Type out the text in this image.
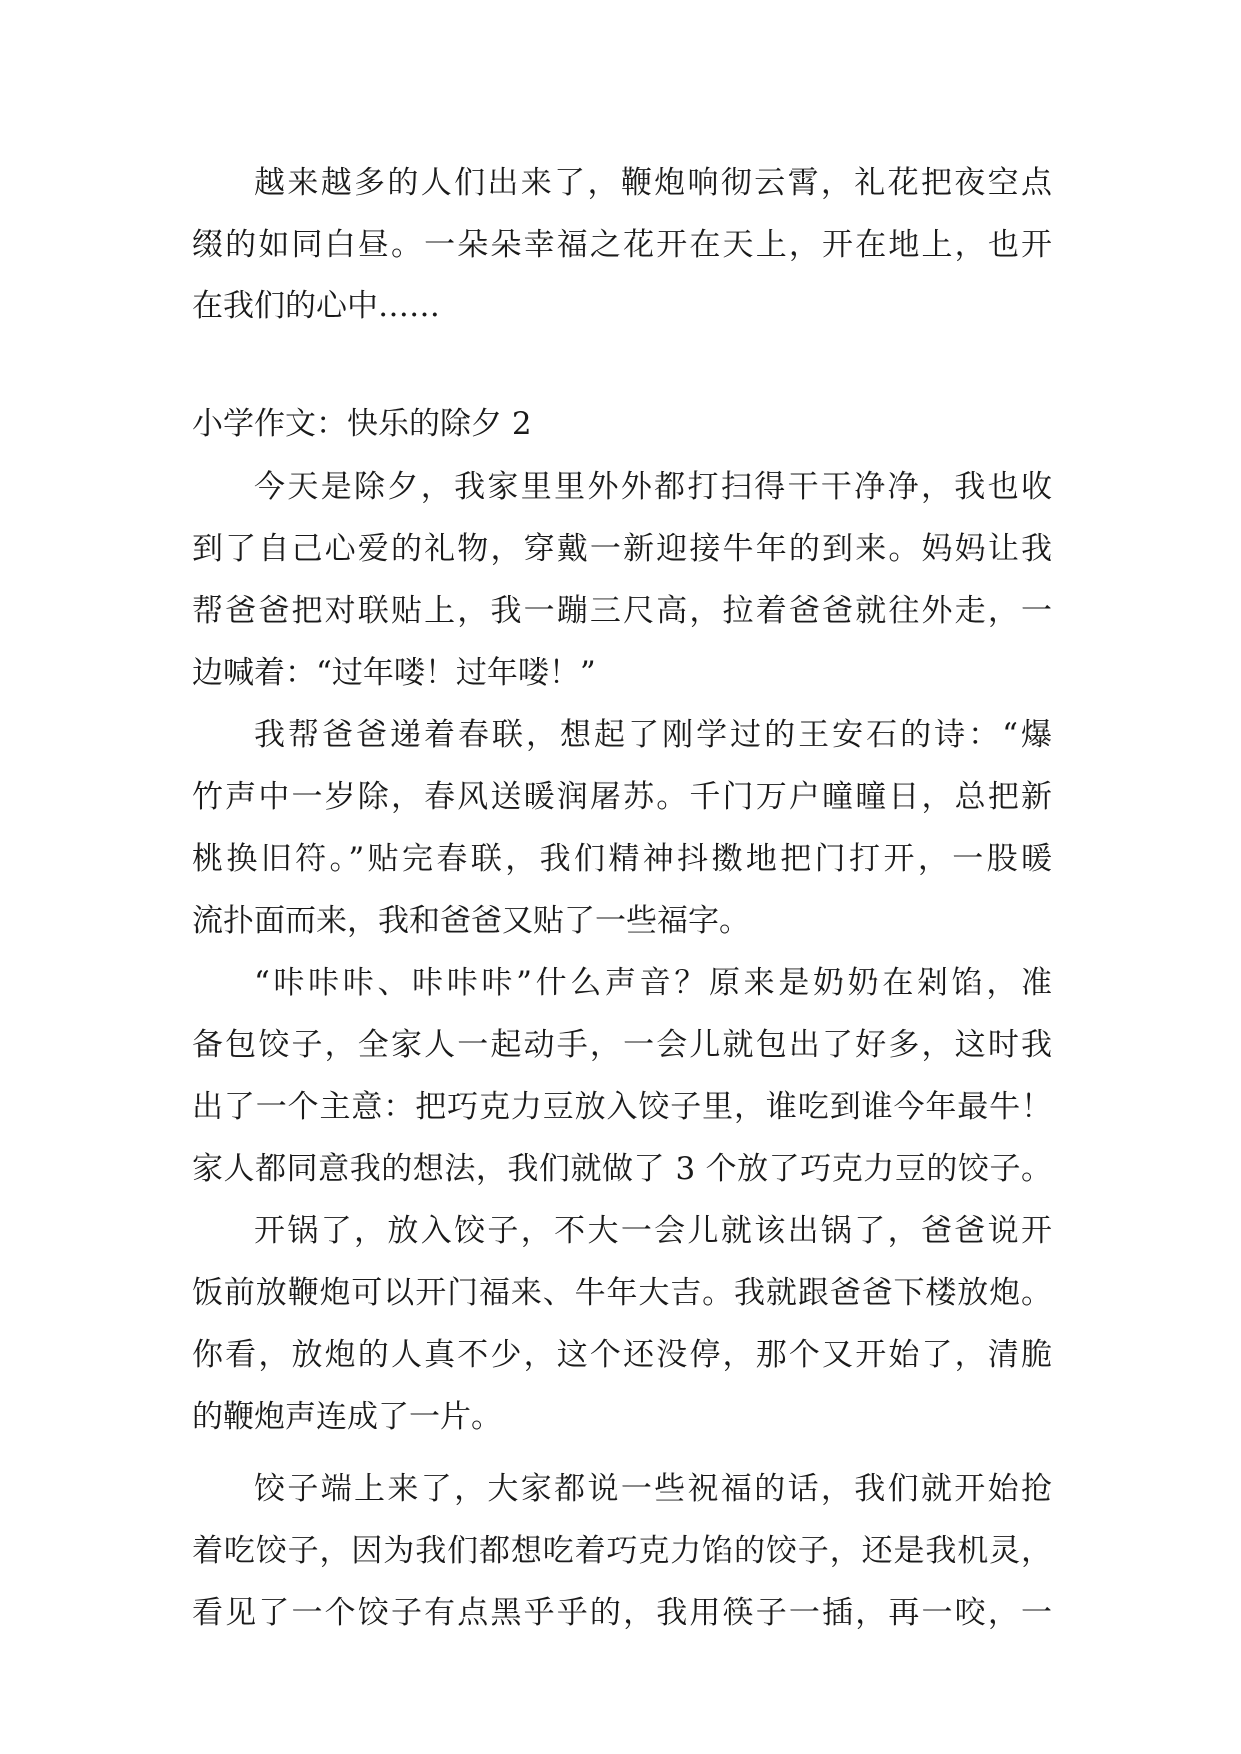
越来越多的人们出来了，鞭炮响彻云霄，礼花把夜空点
缀的如同白昼。一朵朵幸福之花开在天上，开在地上，也开
在我们的心中……
小学作文：快乐的除夕 2
今天是除夕，我家里里外外都打扫得干干净净，我也收
到了自己心爱的礼物，穿戴一新迎接牛年的到来。妈妈让我
帮爸爸把对联贴上，我一蹦三尺高，拉着爸爸就往外走，一
边喊着：“过年喽！过年喽！”
我帮爸爸递着春联，想起了刚学过的王安石的诗：“爆
竹声中一岁除，春风送暖润屠苏。千门万户曈曈日，总把新
桃换旧符。”贴完春联，我们精神抖擞地把门打开，一股暖
流扑面而来，我和爸爸又贴了一些福字。
“咔咔咔、咔咔咔”什么声音？原来是奶奶在剁馅，准
备包饺子，全家人一起动手，一会儿就包出了好多，这时我
出了一个主意：把巧克力豆放入饺子里，谁吃到谁今年最牛！
家人都同意我的想法，我们就做了 3 个放了巧克力豆的饺子。
开锅了，放入饺子，不大一会儿就该出锅了，爸爸说开
饭前放鞭炮可以开门福来、牛年大吉。我就跟爸爸下楼放炮。
你看，放炮的人真不少，这个还没停，那个又开始了，清脆
的鞭炮声连成了一片。
饺子端上来了，大家都说一些祝福的话，我们就开始抢
着吃饺子，因为我们都想吃着巧克力馅的饺子，还是我机灵，
看见了一个饺子有点黑乎乎的，我用筷子一插，再一咬，一
